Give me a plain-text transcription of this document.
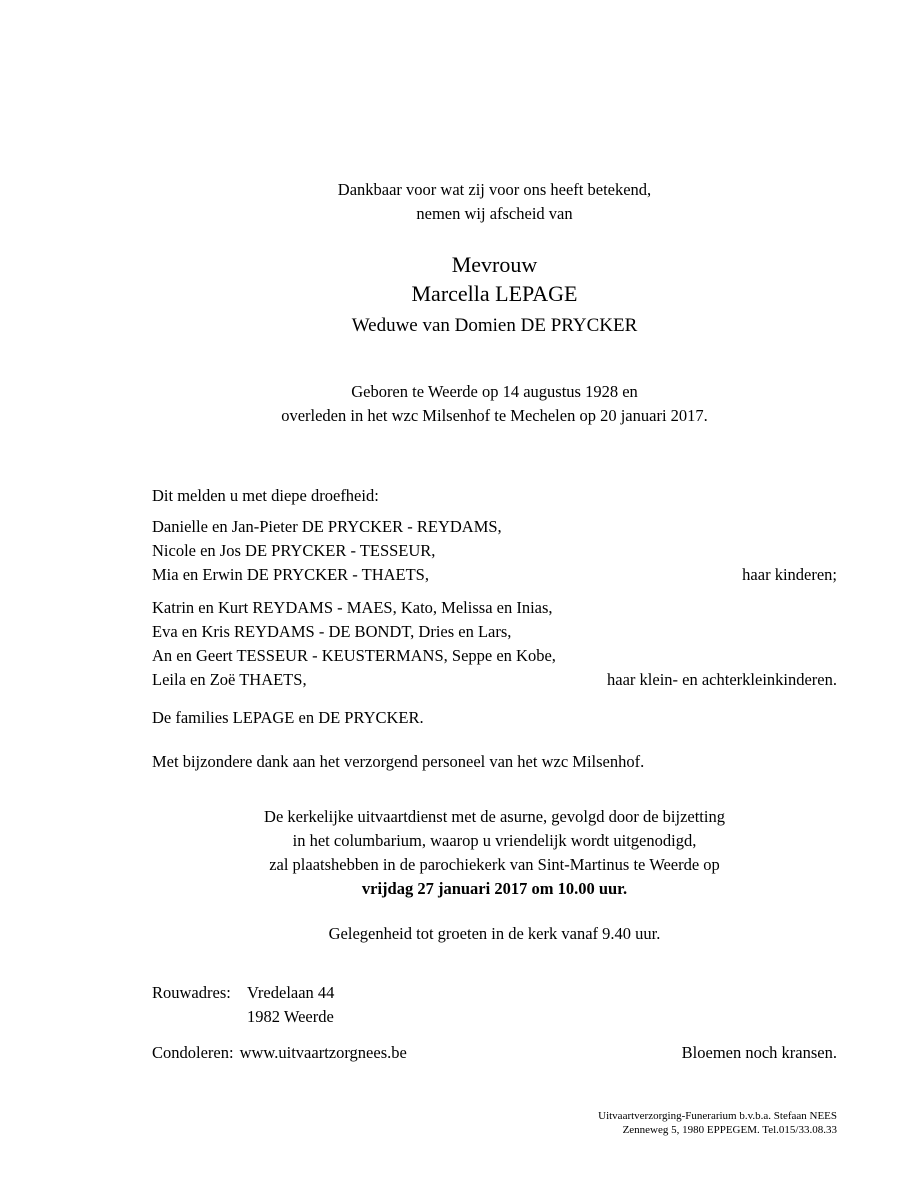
Dankbaar voor wat zij voor ons heeft betekend,
nemen wij afscheid van
Mevrouw
Marcella LEPAGE
Weduwe van Domien DE PRYCKER
Geboren te Weerde op 14 augustus 1928 en
overleden in het wzc Milsenhof te Mechelen op 20 januari 2017.
Dit melden u met diepe droefheid:
Danielle en Jan-Pieter DE PRYCKER - REYDAMS,
Nicole en Jos DE PRYCKER - TESSEUR,
Mia en Erwin DE PRYCKER - THAETS,	haar kinderen;
Katrin en Kurt REYDAMS - MAES, Kato, Melissa en Inias,
Eva en Kris REYDAMS - DE BONDT, Dries en Lars,
An en Geert TESSEUR - KEUSTERMANS, Seppe en Kobe,
Leila en Zoë THAETS,	haar klein- en achterkleinkinderen.
De families LEPAGE en DE PRYCKER.
Met bijzondere dank aan het verzorgend personeel van het wzc Milsenhof.
De kerkelijke uitvaartdienst met de asurne, gevolgd door de bijzetting
in het columbarium, waarop u vriendelijk wordt uitgenodigd,
zal plaatshebben in de parochiekerk van Sint-Martinus te Weerde op
vrijdag 27 januari 2017 om 10.00 uur.
Gelegenheid tot groeten in de kerk vanaf 9.40 uur.
Rouwadres: Vredelaan 44
1982 Weerde
Condoleren: www.uitvaartzorgnees.be	Bloemen noch kransen.
Uitvaartverzorging-Funerarium b.v.b.a. Stefaan NEES
Zenneweg 5, 1980 EPPEGEM. Tel.015/33.08.33
